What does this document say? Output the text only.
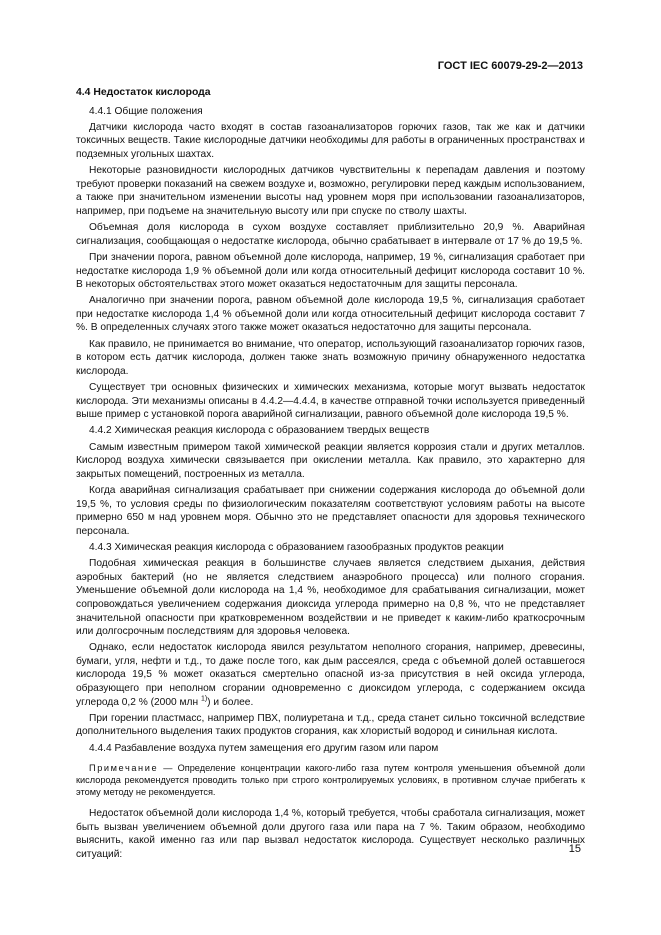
ГОСТ IEC 60079-29-2—2013

4.4 Недостаток кислорода

4.4.1 Общие положения

Датчики кислорода часто входят в состав газоанализаторов горючих газов, так же как и датчики токсичных веществ. Такие кислородные датчики необходимы для работы в ограниченных пространствах и подземных угольных шахтах.

Некоторые разновидности кислородных датчиков чувствительны к перепадам давления и поэтому требуют проверки показаний на свежем воздухе и, возможно, регулировки перед каждым использованием, а также при значительном изменении высоты над уровнем моря при использовании газоанализаторов, например, при подъеме на значительную высоту или при спуске по стволу шахты.

Объемная доля кислорода в сухом воздухе составляет приблизительно 20,9 %. Аварийная сигнализация, сообщающая о недостатке кислорода, обычно срабатывает в интервале от 17 % до 19,5 %.

При значении порога, равном объемной доле кислорода, например, 19 %, сигнализация сработает при недостатке кислорода 1,9 % объемной доли или когда относительный дефицит кислорода составит 10 %. В некоторых обстоятельствах этого может оказаться недостаточным для защиты персонала.

Аналогично при значении порога, равном объемной доле кислорода 19,5 %, сигнализация сработает при недостатке кислорода 1,4 % объемной доли или когда относительный дефицит кислорода составит 7 %. В определенных случаях этого также может оказаться недостаточно для защиты персонала.

Как правило, не принимается во внимание, что оператор, использующий газоанализатор горючих газов, в котором есть датчик кислорода, должен также знать возможную причину обнаруженного недостатка кислорода.

Существует три основных физических и химических механизма, которые могут вызвать недостаток кислорода. Эти механизмы описаны в 4.4.2—4.4.4, в качестве отправной точки используется приведенный выше пример с установкой порога аварийной сигнализации, равного объемной доле кислорода 19,5 %.

4.4.2 Химическая реакция кислорода с образованием твердых веществ

Самым известным примером такой химической реакции является коррозия стали и других металлов. Кислород воздуха химически связывается при окислении металла. Как правило, это характерно для закрытых помещений, построенных из металла.

Когда аварийная сигнализация срабатывает при снижении содержания кислорода до объемной доли 19,5 %, то условия среды по физиологическим показателям соответствуют условиям работы на высоте примерно 650 м над уровнем моря. Обычно это не представляет опасности для здоровья технического персонала.

4.4.3 Химическая реакция кислорода с образованием газообразных продуктов реакции

Подобная химическая реакция в большинстве случаев является следствием дыхания, действия аэробных бактерий (но не является следствием анаэробного процесса) или полного сгорания. Уменьшение объемной доли кислорода на 1,4 %, необходимое для срабатывания сигнализации, может сопровождаться увеличением содержания диоксида углерода примерно на 0,8 %, что не представляет значительной опасности при кратковременном воздействии и не приведет к каким-либо краткосрочным или долгосрочным последствиям для здоровья человека.

Однако, если недостаток кислорода явился результатом неполного сгорания, например, древесины, бумаги, угля, нефти и т.д., то даже после того, как дым рассеялся, среда с объемной долей оставшегося кислорода 19,5 % может оказаться смертельно опасной из-за присутствия в ней оксида углерода, образующего при неполном сгорании одновременно с диоксидом углерода, с содержанием оксида углерода 0,2 % (2000 млн $^{1)}$) и более.

При горении пластмасс, например ПВХ, полиуретана и т.д., среда станет сильно токсичной вследствие дополнительного выделения таких продуктов сгорания, как хлористый водород и синильная кислота.

4.4.4 Разбавление воздуха путем замещения его другим газом или паром

Примечание — Определение концентрации какого-либо газа путем контроля уменьшения объемной доли кислорода рекомендуется проводить только при строго контролируемых условиях, в противном случае прибегать к этому методу не рекомендуется.

Недостаток объемной доли кислорода 1,4 %, который требуется, чтобы сработала сигнализация, может быть вызван увеличением объемной доли другого газа или пара на 7 %. Таким образом, необходимо выяснить, какой именно газ или пар вызвал недостаток кислорода. Существует несколько различных ситуаций:	15
